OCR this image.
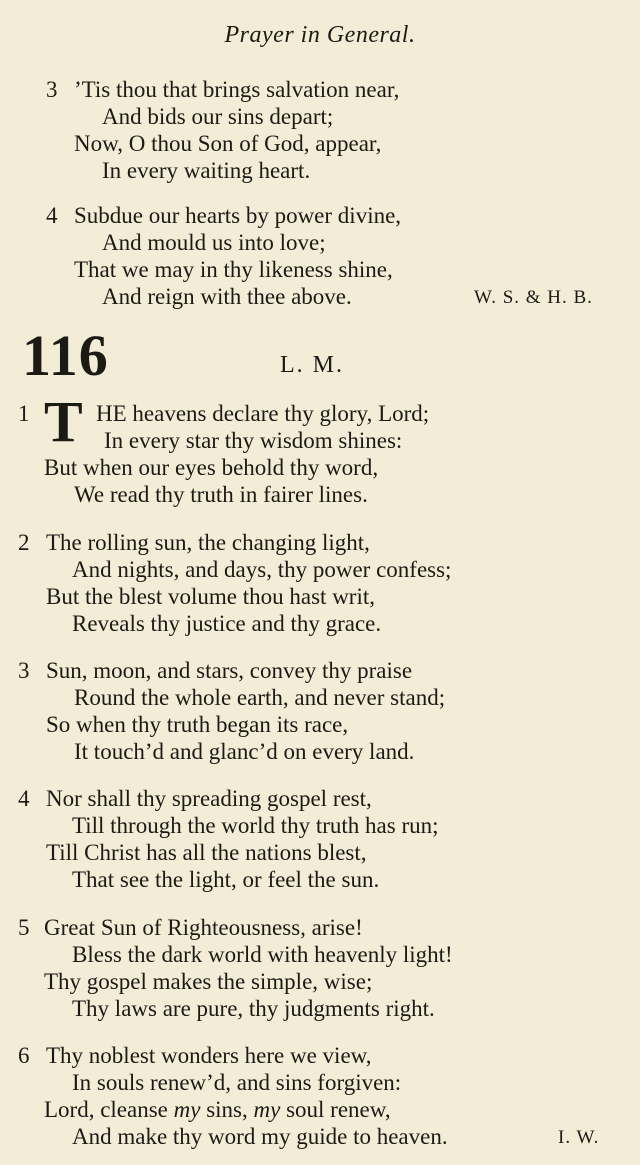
Prayer in General.
3 ’Tis thou that brings salvation near,
And bids our sins depart;
Now, O thou Son of God, appear,
In every waiting heart.
4 Subdue our hearts by power divine,
And mould us into love;
That we may in thy likeness shine,
And reign with thee above.	W. S. & H. B.
116	L. M.
1 T HE heavens declare thy glory, Lord;
In every star thy wisdom shines:
But when our eyes behold thy word,
We read thy truth in fairer lines.
2 The rolling sun, the changing light,
And nights, and days, thy power confess;
But the blest volume thou hast writ,
Reveals thy justice and thy grace.
3 Sun, moon, and stars, convey thy praise
Round the whole earth, and never stand;
So when thy truth began its race,
It touch’d and glanc’d on every land.
4 Nor shall thy spreading gospel rest,
Till through the world thy truth has run;
Till Christ has all the nations blest,
That see the light, or feel the sun.
5 Great Sun of Righteousness, arise!
Bless the dark world with heavenly light!
Thy gospel makes the simple, wise;
Thy laws are pure, thy judgments right.
6 Thy noblest wonders here we view,
In souls renew’d, and sins forgiven:
Lord, cleanse my sins, my soul renew,
And make thy word my guide to heaven.	I. W.
